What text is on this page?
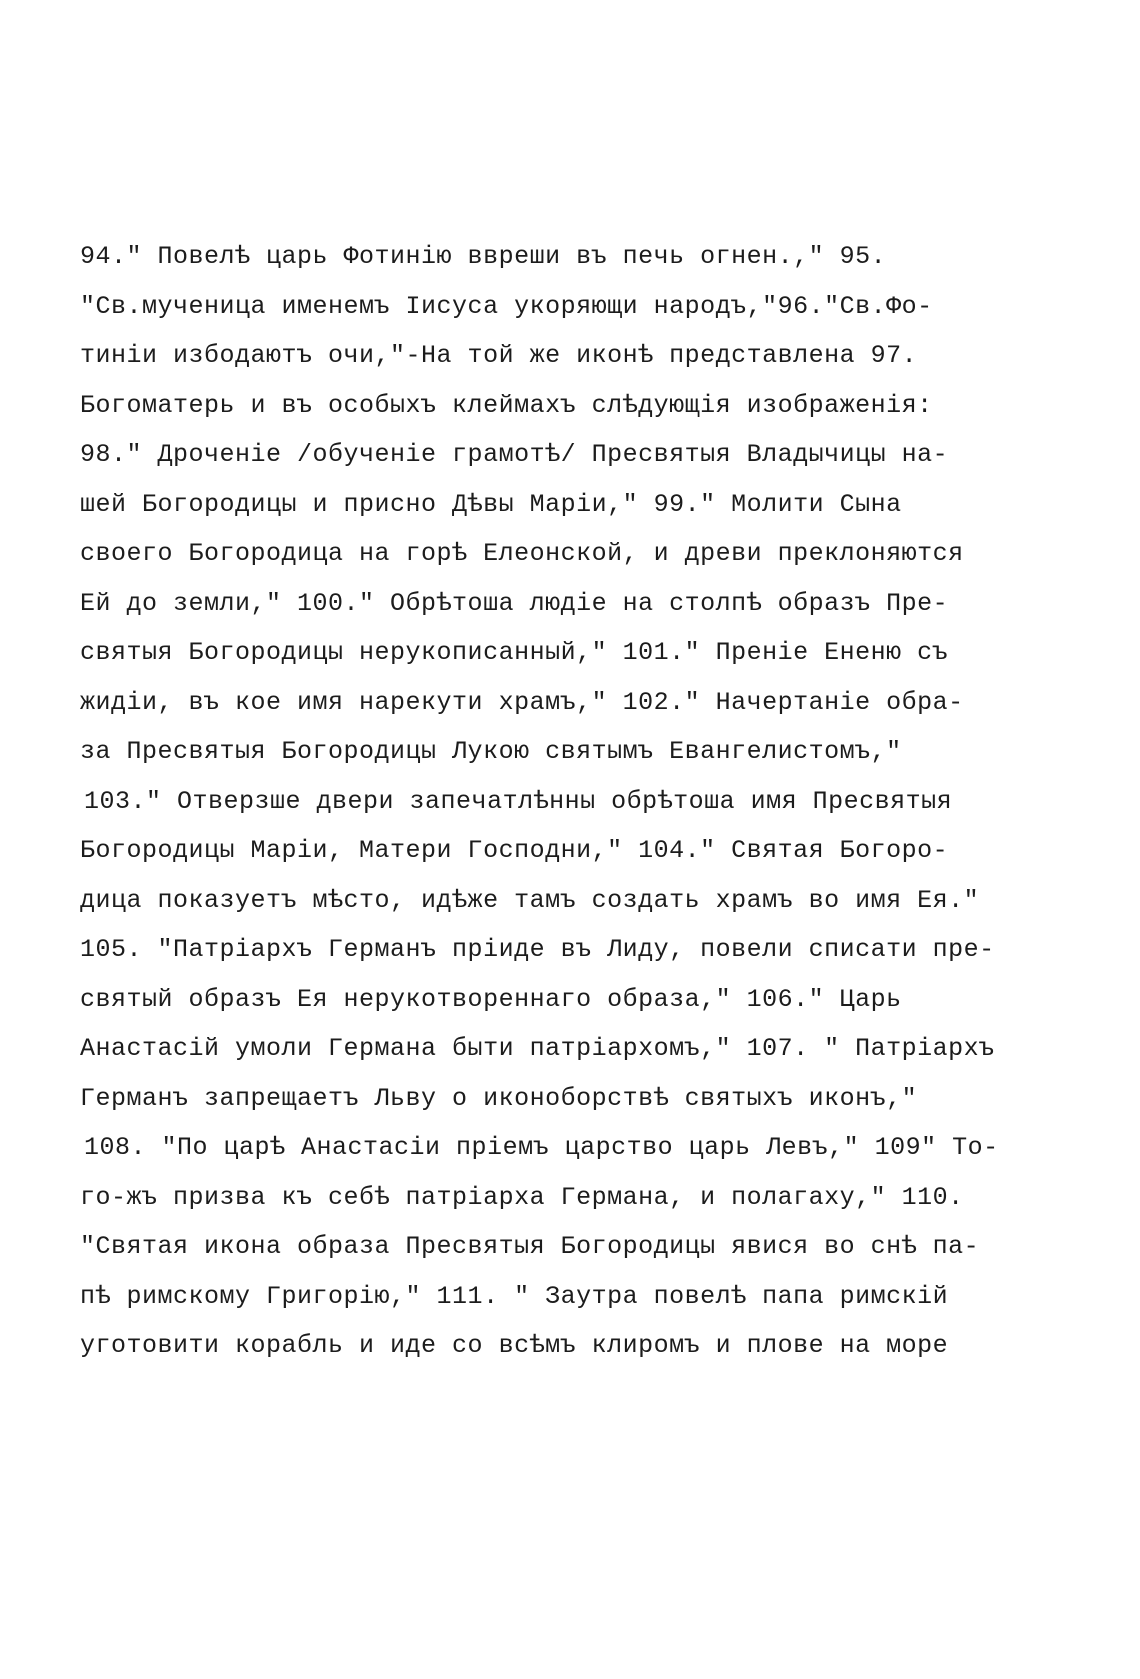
94." Повелѣ царь Фотинію ввреши въ печь огнен.," 95.
"Св.мученица именемъ Іисуса укоряющи народъ,"96."Св.Фо-
тиніи избодаютъ очи,"-На той же иконѣ представлена 97.
Богоматерь и въ особыхъ клеймахъ слѣдующія изображенія:
98." Дроченіе /обученіе грамотѣ/ Пресвятыя Владычицы на-
шей Богородицы и присно Дѣвы Маріи," 99." Молити Сына
своего Богородица на горѣ Елеонской, и древи преклоняются
Ей до земли," 100." Обрѣтоша людіе на столпѣ образъ Пре-
святыя Богородицы нерукописанный," 101." Преніе Ененю съ
жидіи, въ кое имя нарекути храмъ," 102." Начертаніе обра-
за Пресвятыя Богородицы Лукою святымъ Евангелистомъ,"
103." Отверзше двери запечатлѣнны обрѣтоша имя Пресвятыя
Богородицы Маріи, Матери Господни," 104." Святая Богоро-
дица показуетъ мѣсто, идѣже тамъ создать храмъ во имя Ея."
105. "Патріархъ Германъ пріиде въ Лиду, повели списати пре-
святый образъ Ея нерукотвореннаго образа," 106." Царь
Анастасій умоли Германа быти патріархомъ," 107. " Патріархъ
Германъ запрещаетъ Льву о иконоборствѣ святыхъ иконъ,"
108. "По царѣ Анастасіи пріемъ царство царь Левъ," 109" То-
го-жъ призва къ себѣ патріарха Германа, и полагаху," 110.
"Святая икона образа Пресвятыя Богородицы явися во снѣ па-
пѣ римскому Григорію," 111. " Заутра повелѣ папа римскій
уготовити корабль и иде со всѣмъ клиромъ и плове на море
